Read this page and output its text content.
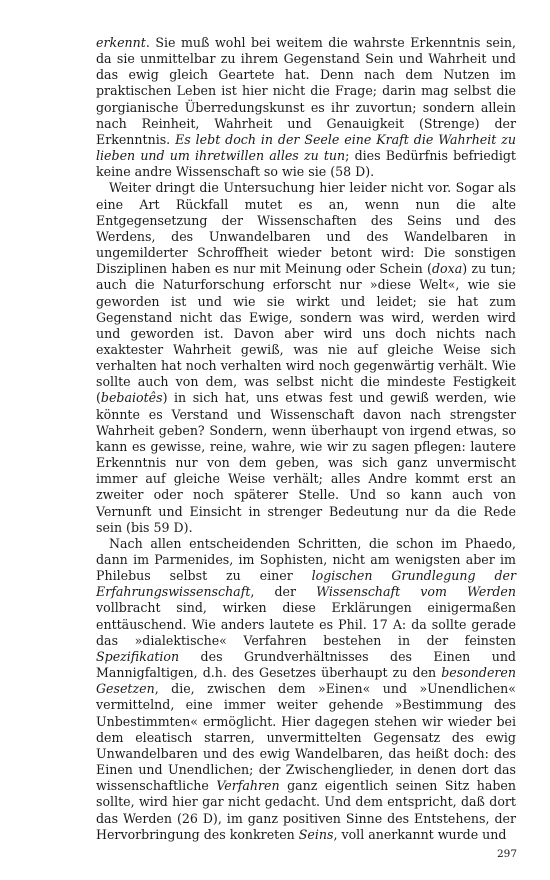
erkennt. Sie muß wohl bei weitem die wahrste Erkenntnis sein, da sie unmittelbar zu ihrem Gegenstand Sein und Wahrheit und das ewig gleich Geartete hat. Denn nach dem Nutzen im praktischen Leben ist hier nicht die Frage; darin mag selbst die gorgianische Überredungskunst es ihr zuvortun; sondern allein nach Reinheit, Wahrheit und Genauigkeit (Strenge) der Erkenntnis. Es lebt doch in der Seele eine Kraft die Wahrheit zu lieben und um ihretwillen alles zu tun; dies Bedürfnis befriedigt keine andre Wissenschaft so wie sie (58 D).

Weiter dringt die Untersuchung hier leider nicht vor. Sogar als eine Art Rückfall mutet es an, wenn nun die alte Entgegensetzung der Wissenschaften des Seins und des Werdens, des Unwandelbaren und des Wandelbaren in ungemilderter Schroffheit wieder betont wird: Die sonstigen Disziplinen haben es nur mit Meinung oder Schein (doxa) zu tun; auch die Naturforschung erforscht nur »diese Welt«, wie sie geworden ist und wie sie wirkt und leidet; sie hat zum Gegenstand nicht das Ewige, sondern was wird, werden wird und geworden ist. Davon aber wird uns doch nichts nach exaktester Wahrheit gewiß, was nie auf gleiche Weise sich verhalten hat noch verhalten wird noch gegenwärtig verhält. Wie sollte auch von dem, was selbst nicht die mindeste Festigkeit (bebaiotês) in sich hat, uns etwas fest und gewiß werden, wie könnte es Verstand und Wissenschaft davon nach strengster Wahrheit geben? Sondern, wenn überhaupt von irgend etwas, so kann es gewisse, reine, wahre, wie wir zu sagen pflegen: lautere Erkenntnis nur von dem geben, was sich ganz unvermischt immer auf gleiche Weise verhält; alles Andre kommt erst an zweiter oder noch späterer Stelle. Und so kann auch von Vernunft und Einsicht in strenger Bedeutung nur da die Rede sein (bis 59 D).

Nach allen entscheidenden Schritten, die schon im Phaedo, dann im Parmenides, im Sophisten, nicht am wenigsten aber im Philebus selbst zu einer logischen Grundlegung der Erfahrungswissenschaft, der Wissenschaft vom Werden vollbracht sind, wirken diese Erklärungen einigermaßen enttäuschend. Wie anders lautete es Phil. 17 A: da sollte gerade das »dialektische« Verfahren bestehen in der feinsten Spezifikation des Grundverhältnisses des Einen und Mannigfaltigen, d.h. des Gesetzes überhaupt zu den besonderen Gesetzen, die, zwischen dem »Einen« und »Unendlichen« vermittelnd, eine immer weiter gehende »Bestimmung des Unbestimmten« ermöglicht. Hier dagegen stehen wir wieder bei dem eleatisch starren, unvermittelten Gegensatz des ewig Unwandelbaren und des ewig Wandelbaren, das heißt doch: des Einen und Unendlichen; der Zwischenglieder, in denen dort das wissenschaftliche Verfahren ganz eigentlich seinen Sitz haben sollte, wird hier gar nicht gedacht. Und dem entspricht, daß dort das Werden (26 D), im ganz positiven Sinne des Entstehens, der Hervorbringung des konkreten Seins, voll anerkannt wurde und

297
